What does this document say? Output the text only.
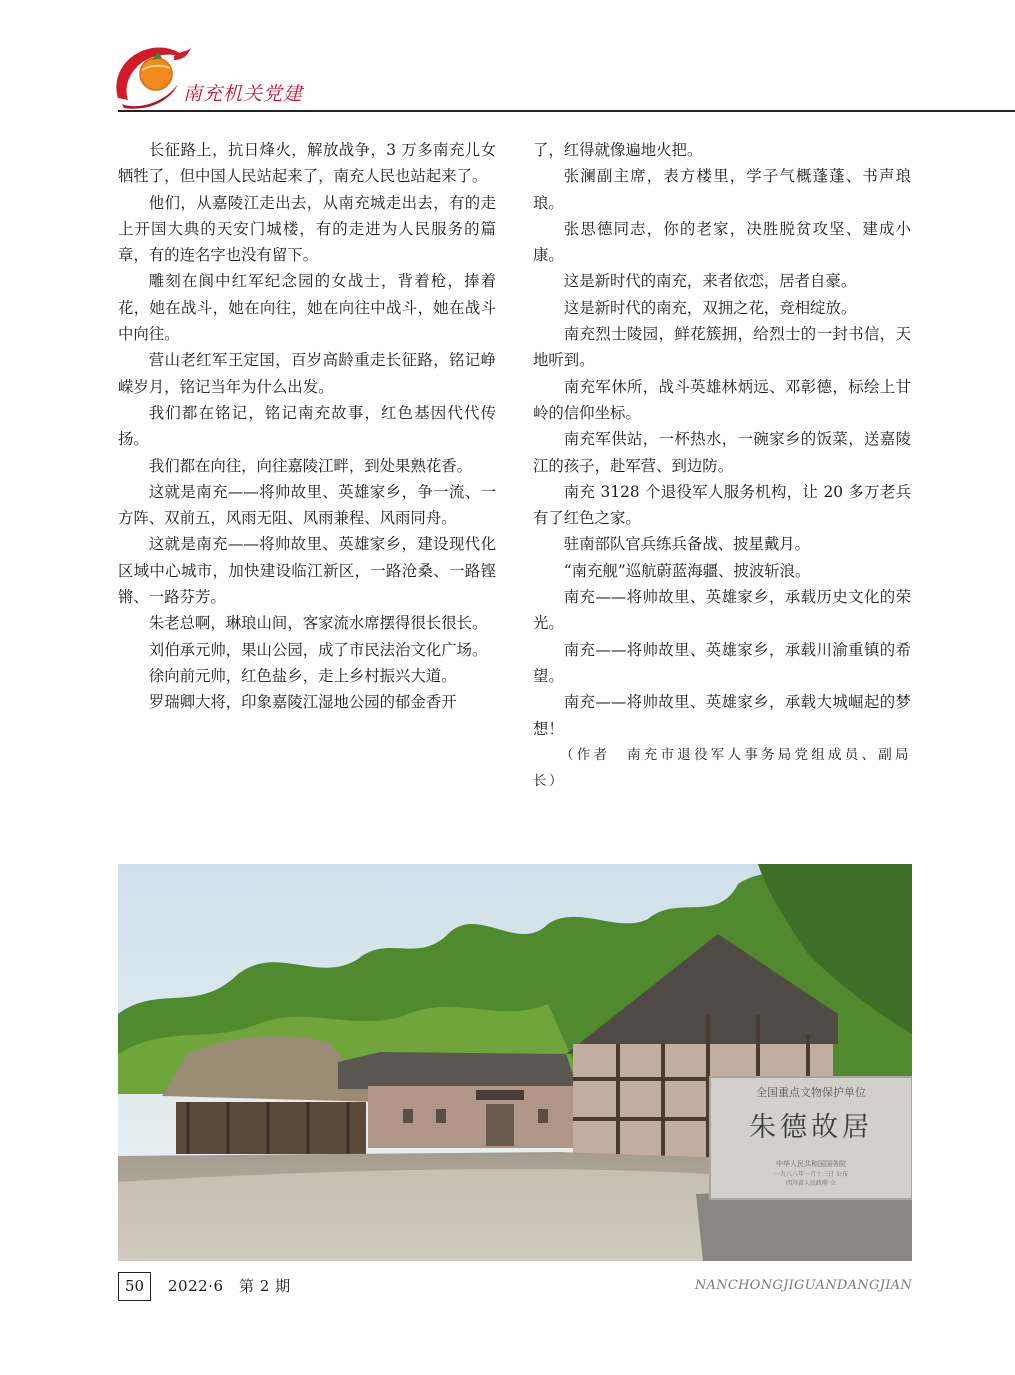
南充机关党建

长征路上，抗日烽火，解放战争，3 万多南充儿女牺牲了，但中国人民站起来了，南充人民也站起来了。

他们，从嘉陵江走出去，从南充城走出去，有的走上开国大典的天安门城楼，有的走进为人民服务的篇章，有的连名字也没有留下。

雕刻在阆中红军纪念园的女战士，背着枪，捧着花，她在战斗，她在向往，她在向往中战斗，她在战斗中向往。

营山老红军王定国，百岁高龄重走长征路，铭记峥嵘岁月，铭记当年为什么出发。

我们都在铭记，铭记南充故事，红色基因代代传扬。

我们都在向往，向往嘉陵江畔，到处果熟花香。

这就是南充——将帅故里、英雄家乡，争一流、一方阵、双前五，风雨无阻、风雨兼程、风雨同舟。

这就是南充——将帅故里、英雄家乡，建设现代化区域中心城市，加快建设临江新区，一路沧桑、一路铿锵、一路芬芳。

朱老总啊，琳琅山间，客家流水席摆得很长很长。

刘伯承元帅，果山公园，成了市民法治文化广场。

徐向前元帅，红色盐乡，走上乡村振兴大道。

罗瑞卿大将，印象嘉陵江湿地公园的郁金香开

了，红得就像遍地火把。

张澜副主席，表方楼里，学子气概蓬蓬、书声琅琅。

张思德同志，你的老家，决胜脱贫攻坚、建成小康。

这是新时代的南充，来者依恋，居者自豪。

这是新时代的南充，双拥之花，竞相绽放。

南充烈士陵园，鲜花簇拥，给烈士的一封书信，天地听到。

南充军休所，战斗英雄林炳远、邓彰德，标绘上甘岭的信仰坐标。

南充军供站，一杯热水，一碗家乡的饭菜，送嘉陵江的孩子，赴军营、到边防。

南充 3128 个退役军人服务机构，让 20 多万老兵有了红色之家。

驻南部队官兵练兵备战、披星戴月。

“南充舰”巡航蔚蓝海疆、披波斩浪。

南充——将帅故里、英雄家乡，承载历史文化的荣光。

南充——将帅故里、英雄家乡，承载川渝重镇的希望。

南充——将帅故里、英雄家乡，承载大城崛起的梦想！

（作者　南充市退役军人事务局党组成员、副局长）

全国重点文物保护单位
朱德故居
中华人民共和国国务院
一九八八年一月十三日 公布
四川省人民政府 立
50	2022·6　第 2 期	NANCHONGJIGUANDANGJIAN
